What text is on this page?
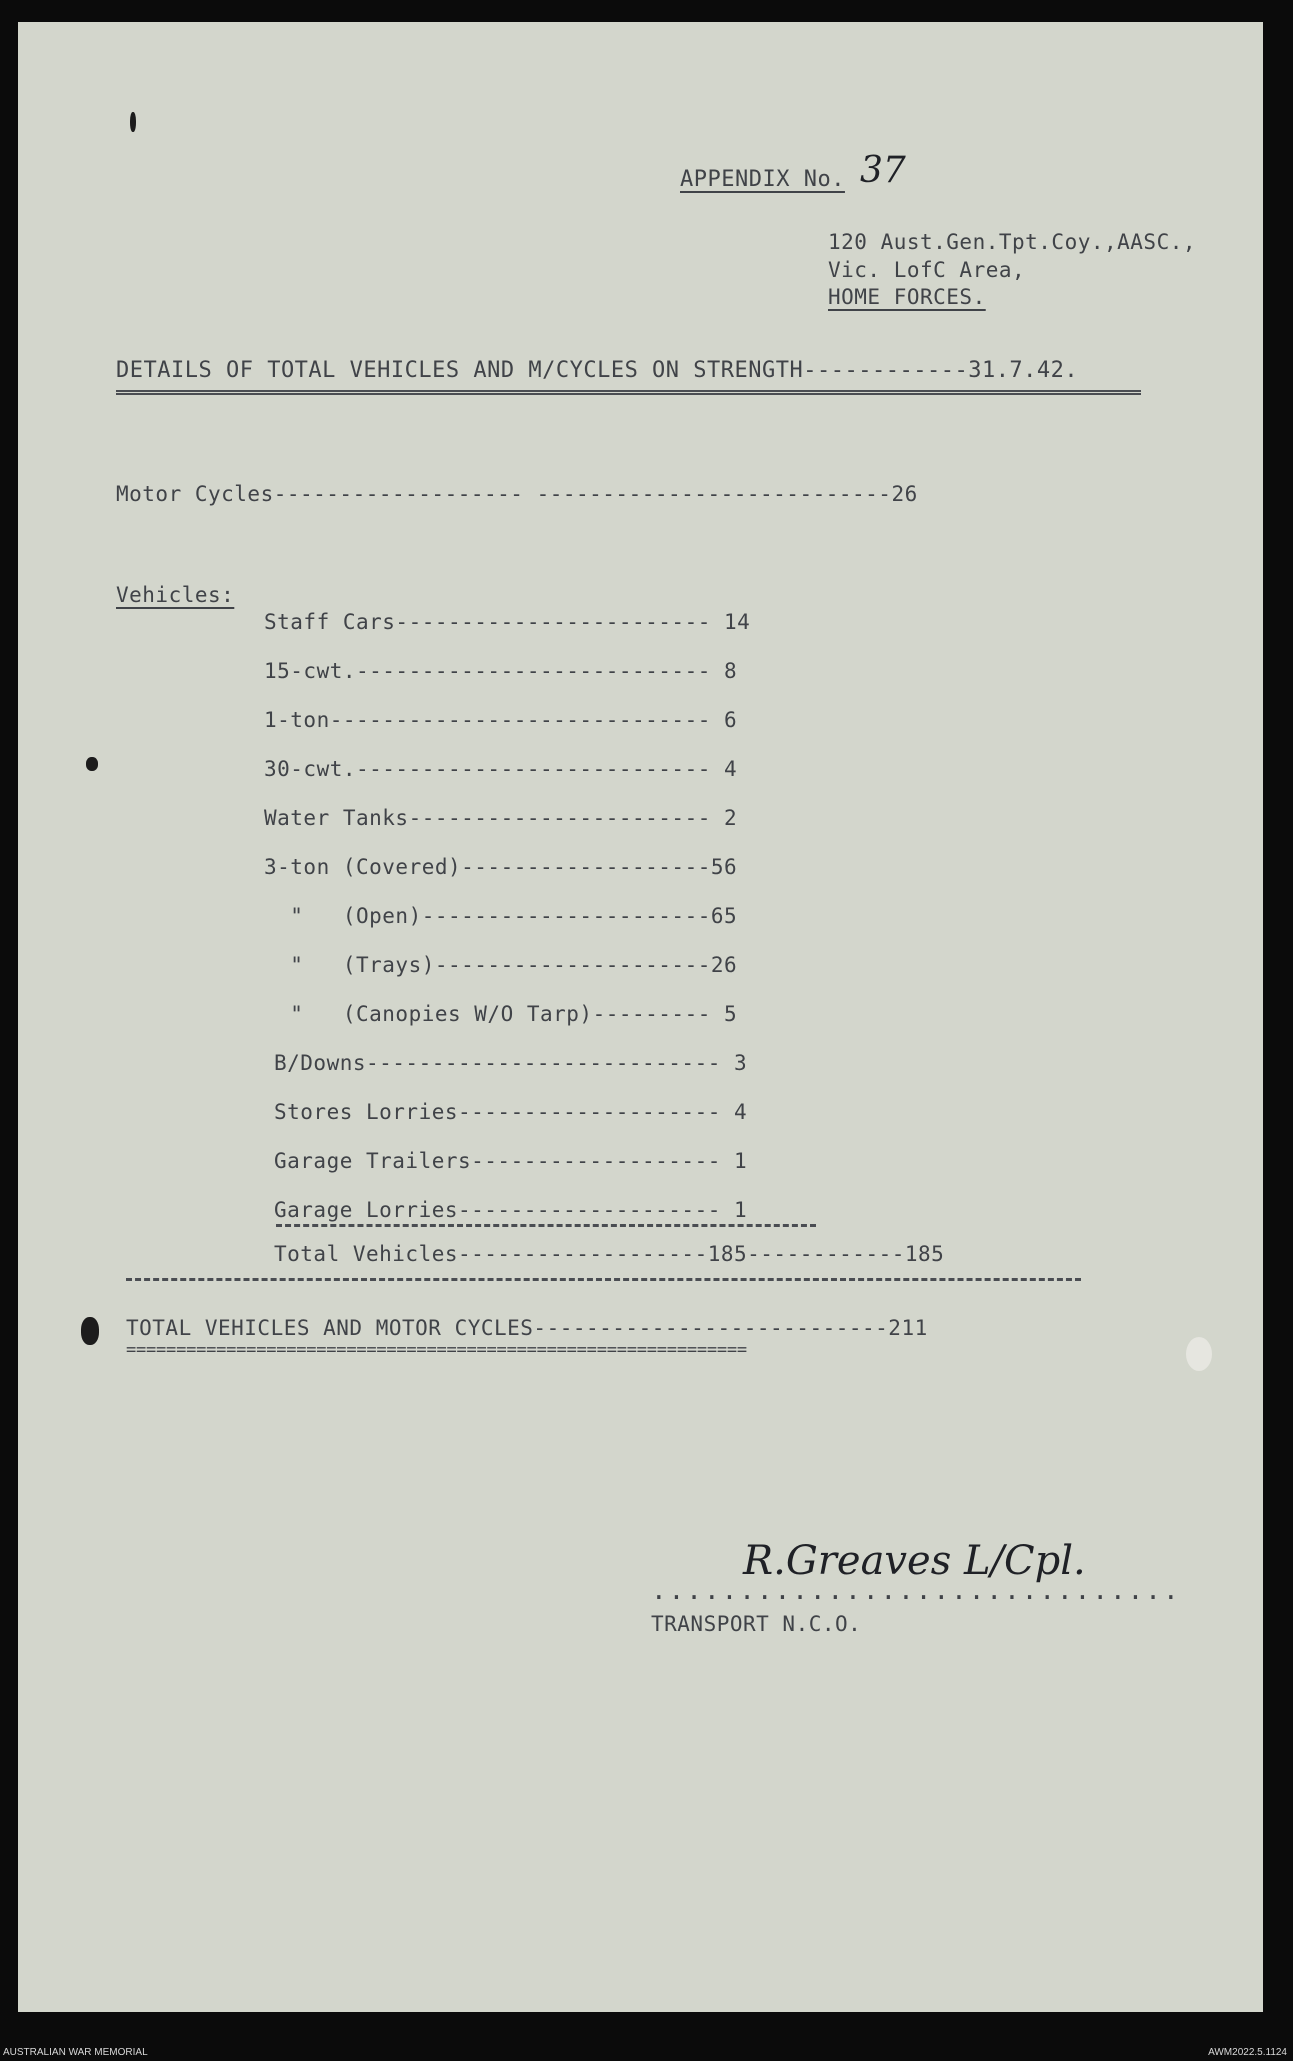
APPENDIX No. 37
120 Aust.Gen.Tpt.Coy.,AASC.,
Vic. LofC Area,
HOME FORCES.
DETAILS OF TOTAL VEHICLES AND M/CYCLES ON STRENGTH------------31.7.42.
Motor Cycles------------------- ---------------------------26
Vehicles:
Staff Cars------------------------ 14
15-cwt.--------------------------- 8
1-ton----------------------------- 6
30-cwt.--------------------------- 4
Water Tanks----------------------- 2
3-ton (Covered)-------------------56
"   (Open)----------------------65
"   (Trays)---------------------26
"   (Canopies W/O Tarp)--------- 5
B/Downs--------------------------- 3
Stores Lorries-------------------- 4
Garage Trailers------------------- 1
Garage Lorries-------------------- 1
Total Vehicles-------------------185------------185
TOTAL VEHICLES AND MOTOR CYCLES---------------------------211
==============================================================
R.Greaves L/Cpl.
..............................
TRANSPORT N.C.O.
AUSTRALIAN WAR MEMORIAL	AWM2022.5.1124
